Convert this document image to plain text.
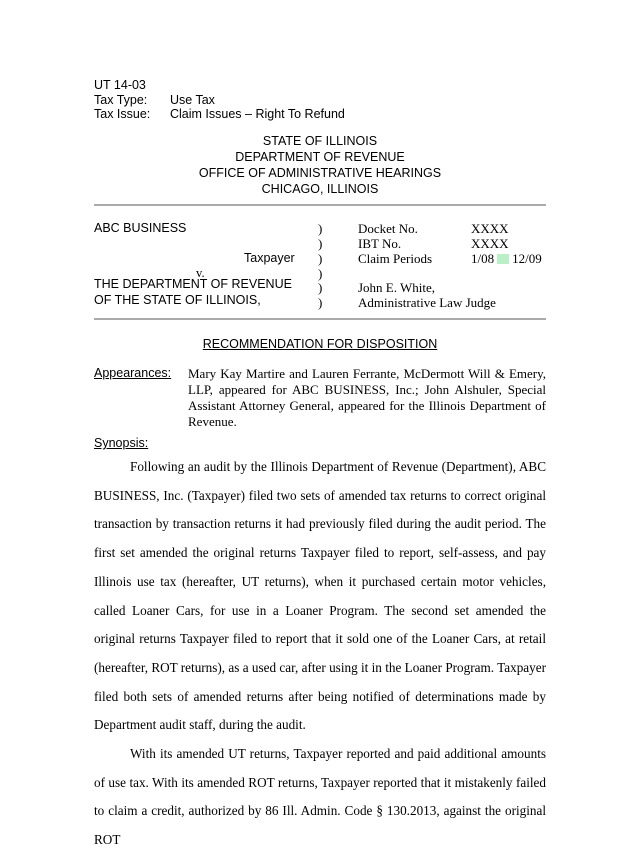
UT 14-03
Tax Type: Use Tax
Tax Issue: Claim Issues – Right To Refund
STATE OF ILLINOIS
DEPARTMENT OF REVENUE
OFFICE OF ADMINISTRATIVE HEARINGS
CHICAGO, ILLINOIS
ABC BUSINESS
Taxpayer
v.
THE DEPARTMENT OF REVENUE
OF THE STATE OF ILLINOIS,
)
)
)
)
)
)
Docket No.	XXXX
IBT No.	XXXX
Claim Periods	1/08 12/09
John E. White,
Administrative Law Judge
RECOMMENDATION FOR DISPOSITION
Appearances: Mary Kay Martire and Lauren Ferrante, McDermott Will & Emery, LLP, appeared for ABC BUSINESS, Inc.; John Alshuler, Special Assistant Attorney General, appeared for the Illinois Department of Revenue.
Synopsis:

Following an audit by the Illinois Department of Revenue (Department), ABC BUSINESS, Inc. (Taxpayer) filed two sets of amended tax returns to correct original transaction by transaction returns it had previously filed during the audit period. The first set amended the original returns Taxpayer filed to report, self-assess, and pay Illinois use tax (hereafter, UT returns), when it purchased certain motor vehicles, called Loaner Cars, for use in a Loaner Program. The second set amended the original returns Taxpayer filed to report that it sold one of the Loaner Cars, at retail (hereafter, ROT returns), as a used car, after using it in the Loaner Program. Taxpayer filed both sets of amended returns after being notified of determinations made by Department audit staff, during the audit.

With its amended UT returns, Taxpayer reported and paid additional amounts of use tax. With its amended ROT returns, Taxpayer reported that it mistakenly failed to claim a credit, authorized by 86 Ill. Admin. Code § 130.2013, against the original ROT
